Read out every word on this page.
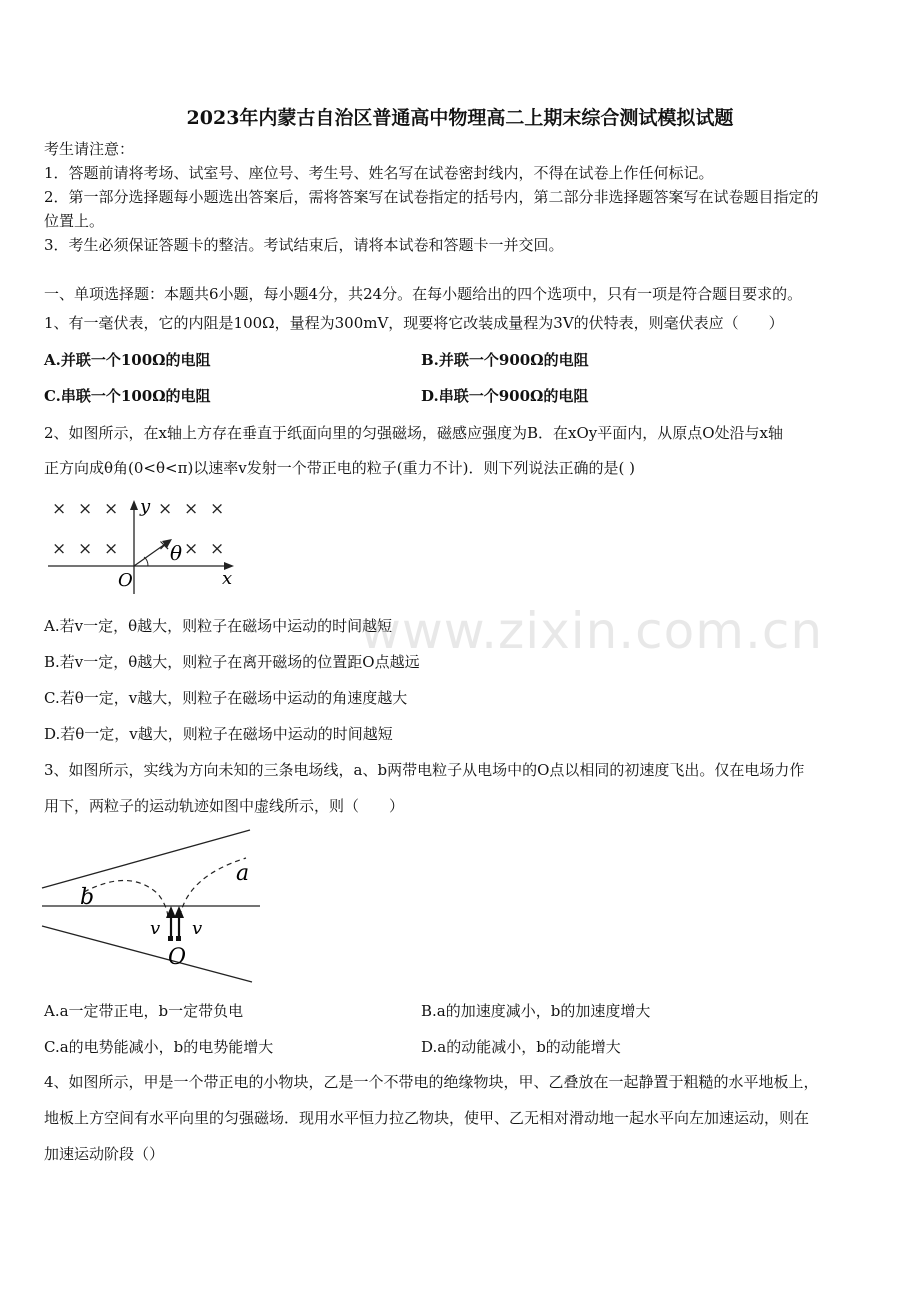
2023年内蒙古自治区普通高中物理高二上期末综合测试模拟试题
考生请注意：
1．答题前请将考场、试室号、座位号、考生号、姓名写在试卷密封线内，不得在试卷上作任何标记。
2．第一部分选择题每小题选出答案后，需将答案写在试卷指定的括号内，第二部分非选择题答案写在试卷题目指定的
位置上。
3．考生必须保证答题卡的整洁。考试结束后，请将本试卷和答题卡一并交回。
一、单项选择题：本题共6小题，每小题4分，共24分。在每小题给出的四个选项中，只有一项是符合题目要求的。
1、有一毫伏表，它的内阻是100Ω，量程为300mV，现要将它改装成量程为3V的伏特表，则毫伏表应（　　）
A.并联一个100Ω的电阻	B.并联一个900Ω的电阻
C.串联一个100Ω的电阻	D.串联一个900Ω的电阻
2、如图所示，在x轴上方存在垂直于纸面向里的匀强磁场，磁感应强度为B．在xOy平面内，从原点O处沿与x轴
正方向成θ角(0<θ<π)以速率v发射一个带正电的粒子(重力不计)．则下列说法正确的是( )
× × × × × ×
× × ×	× ×
×
y
x
O
θ
A.若v一定，θ越大，则粒子在磁场中运动的时间越短
B.若v一定，θ越大，则粒子在离开磁场的位置距O点越远
C.若θ一定，v越大，则粒子在磁场中运动的角速度越大
D.若θ一定，v越大，则粒子在磁场中运动的时间越短
3、如图所示，实线为方向未知的三条电场线，a、b两带电粒子从电场中的O点以相同的初速度飞出。仅在电场力作
用下，两粒子的运动轨迹如图中虚线所示，则（　　）
b
a
v v
O
A.a一定带正电，b一定带负电	B.a的加速度减小，b的加速度增大
C.a的电势能减小，b的电势能增大	D.a的动能减小，b的动能增大
4、如图所示，甲是一个带正电的小物块，乙是一个不带电的绝缘物块，甲、乙叠放在一起静置于粗糙的水平地板上，
地板上方空间有水平向里的匀强磁场．现用水平恒力拉乙物块，使甲、乙无相对滑动地一起水平向左加速运动，则在
加速运动阶段（）
www.zixin.com.cn
